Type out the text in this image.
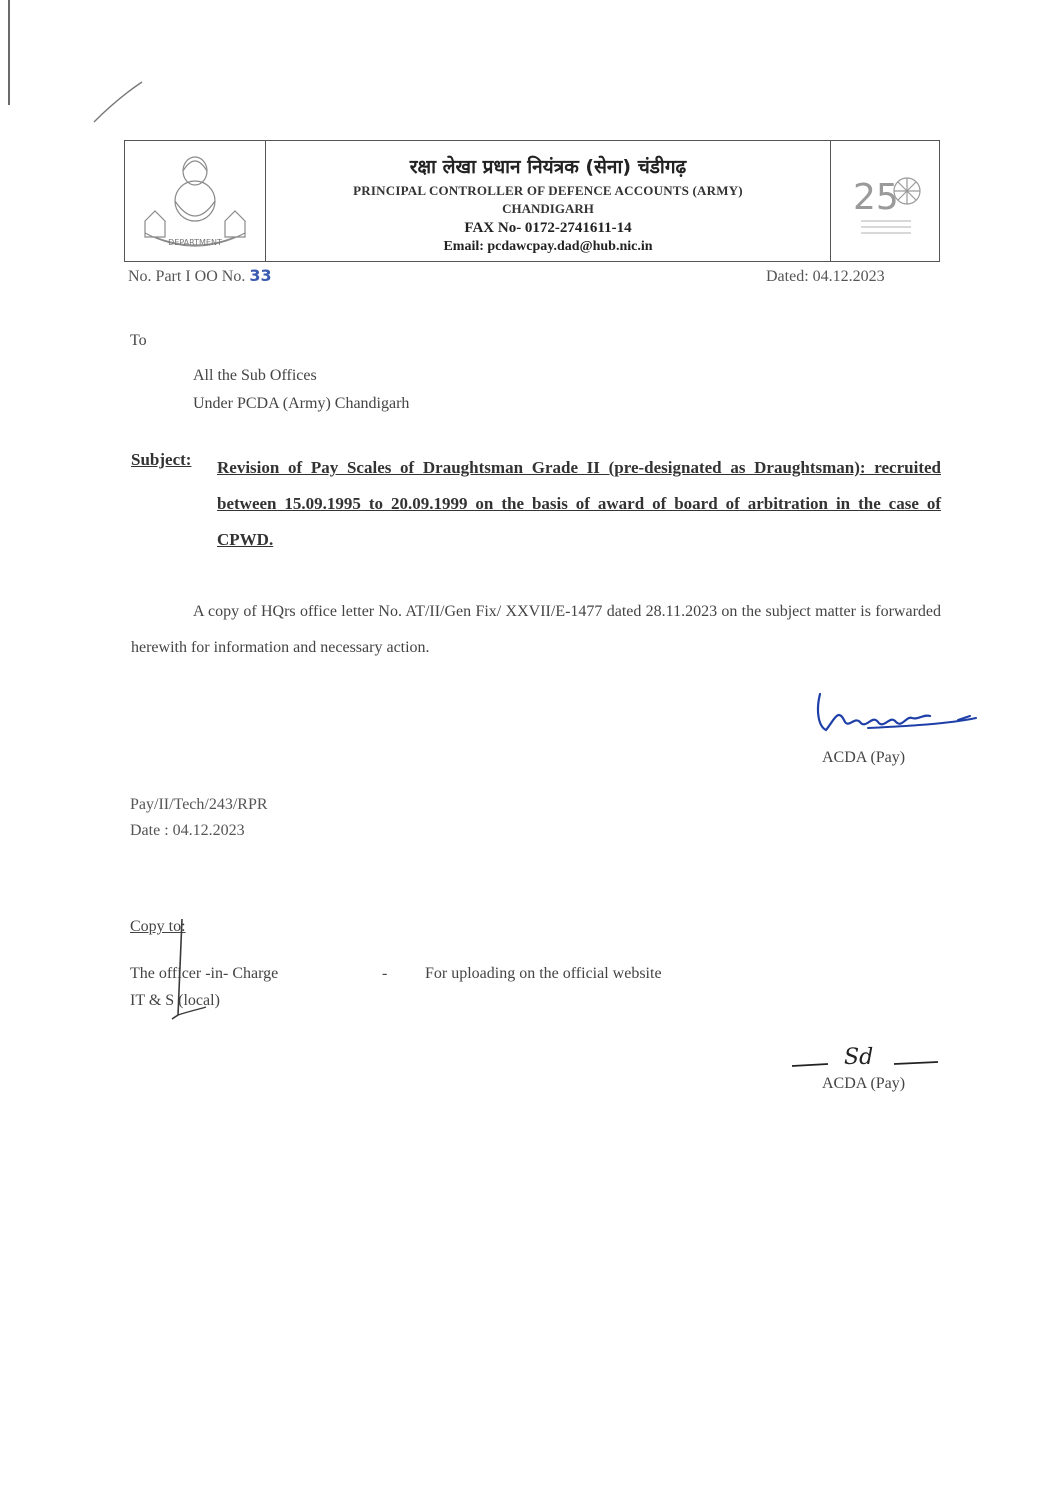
DEPARTMENT
रक्षा लेखा प्रधान नियंत्रक (सेना) चंडीगढ़
PRINCIPAL CONTROLLER OF DEFENCE ACCOUNTS (ARMY)
CHANDIGARH
FAX No- 0172-2741611-14
Email: pcdawcpay.dad@hub.nic.in
25
No. Part I OO No. 33	Dated: 04.12.2023
To
All the Sub Offices
Under PCDA (Army) Chandigarh
Subject: Revision of Pay Scales of Draughtsman Grade II (pre-designated as Draughtsman): recruited between 15.09.1995 to 20.09.1999 on the basis of award of board of arbitration in the case of CPWD.
A copy of HQrs office letter No. AT/II/Gen Fix/ XXVII/E-1477 dated 28.11.2023 on the subject matter is forwarded herewith for information and necessary action.
ACDA (Pay)
Pay/II/Tech/243/RPR
Date : 04.12.2023
Copy to:
The officer -in- Charge	- For uploading on the official website
IT & S (local)
Sd
ACDA (Pay)
